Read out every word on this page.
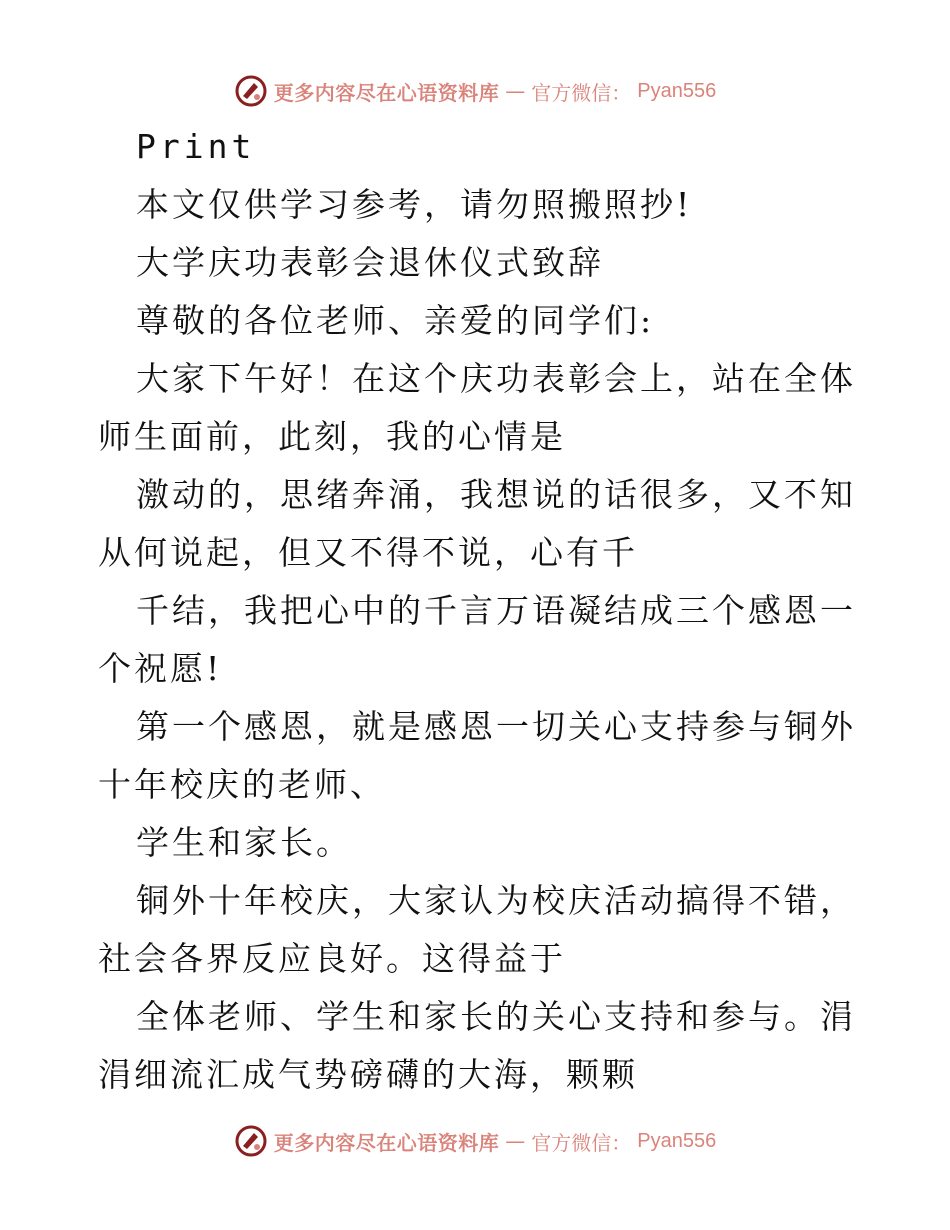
更多内容尽在心语资料库 — 官方微信： Pyan556

Print

本文仅供学习参考，请勿照搬照抄!

大学庆功表彰会退休仪式致辞

尊敬的各位老师、亲爱的同学们:

大家下午好！在这个庆功表彰会上，站在全体师生面前，此刻，我的心情是

激动的，思绪奔涌，我想说的话很多，又不知从何说起，但又不得不说，心有千

千结，我把心中的千言万语凝结成三个感恩一个祝愿!

第一个感恩，就是感恩一切关心支持参与铜外十年校庆的老师、

学生和家长。

铜外十年校庆，大家认为校庆活动搞得不错，社会各界反应良好。这得益于

全体老师、学生和家长的关心支持和参与。涓涓细流汇成气势磅礴的大海，颗颗

更多内容尽在心语资料库 — 官方微信： Pyan556
